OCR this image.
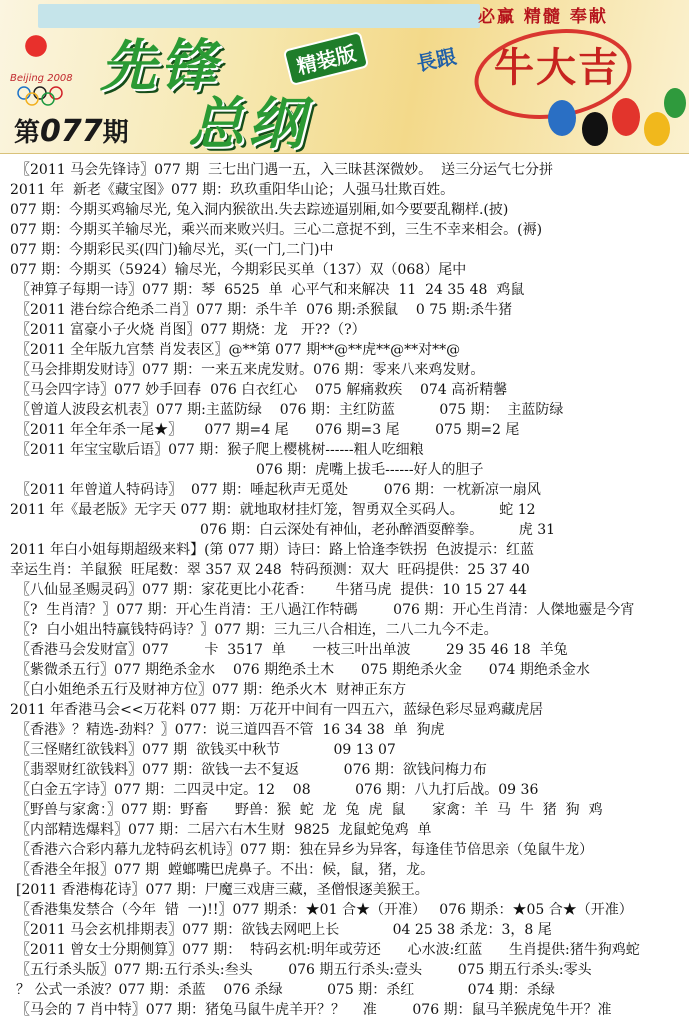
必赢 精髓 奉献
Beijing 2008 先锋
总纲
精装版	長跟 牛大吉
第077期
〖2011 马会先锋诗〗077 期  三七出门遇一五，入三昧甚深微妙。  送三分运气七分拼
2011 年  新老《藏宝图》077 期：玖玖重阳华山论；人强马壮欺百姓。
077 期：今期买鸡输尽光, 兔入洞内猴欲出.失去踪迹逼别厢,如今要要乱糊样.(披)
077 期：今期买羊输尽光，乘兴而来败兴归。三心二意捉不到，三生不幸来相会。(褥)
077 期：今期彩民买(四门)输尽光，买(一门,二门)中
077 期：今期买（5924）输尽光，今期彩民买单（137）双（068）尾中
〖神算子每期一诗〗077 期：琴  6525  单  心平气和来解决  11  24 35 48  鸡鼠
〖2011 港台综合绝杀二肖〗077 期：杀牛羊  076 期:杀猴鼠    0 75 期:杀牛猪
〖2011 富豪小子火烧 肖图〗077 期烧：龙   开??（?）
〖2011 全年版九宫禁 肖发表区〗@**第 077 期**@**虎**@**对**@
〖马会排期发财诗〗077 期：一来五来虎发财。076 期：零来八来鸡发财。
〖马会四字诗〗077 妙手回春  076 白衣红心    075 解痛救疾    074 高祈精馨
〖曾道人波段玄机表〗077 期:主蓝防绿    076 期：主红防蓝          075 期：  主蓝防绿
〖2011 年全年杀一尾★〗     077 期=4 尾      076 期=3 尾        075 期=2 尾
〖2011 年宝宝歇后语〗077 期：猴子爬上樱桃树------粗人吃细粮
076 期：虎嘴上拔毛------好人的胆子
〖2011 年曾道人特码诗〗  077 期：唾起秋声无觅处        076 期：一枕新凉一扇风
2011 年《最老版》无字天 077 期：就地取材挂灯笼，智勇双全买码人。        蛇 12
076 期：白云深处有神仙，老孙醉酒耍醉拳。        虎 31
2011 年白小姐每期超级来料】(第 077 期）诗曰：路上恰逢李铁拐  色波提示：红蓝
幸运生肖：羊鼠猴  旺尾数：翠 357 双 248  特码预测：双大  旺码提供：25 37 40
〖八仙显圣赐灵码〗077 期：家花更比小花香：     牛猪马虎  提供：10 15 27 44
〖?  生肖清？〗077 期：开心生肖清：王八過江作特碼        076 期：开心生肖清：人傑地靈是今宵
〖?  白小姐出特赢钱特码诗？〗077 期：三九三八合相连，二八二九今不走。
〖香港马会发财富〗077        卡  3517  单      一枝三叶出单波        29 35 46 18  羊兔
〖紫微杀五行〗077 期绝杀金水    076 期绝杀土木      075 期绝杀火金      074 期绝杀金水
〖白小姐绝杀五行及财神方位〗077 期：绝杀火木  财神正东方
2011 年香港马会<<万花料 077 期：万花开中间有一四五六，蓝绿色彩尽显鸡藏虎居
〖香港》？精选-劲料？〗077：说三道四吾不管  16 34 38  单  狗虎
〖三怪赌红欲钱料〗077 期  欲钱买中秋节            09 13 07
〖翡翠财红欲钱料〗077 期：欲钱一去不复返          076 期：欲钱问梅力布
〖白金五字诗〗077 期：二四灵中定。12    08          076 期：八九打后战。09 36
〖野兽与家禽：〗077 期：野畜      野兽：猴  蛇  龙  兔  虎  鼠      家禽：羊  马  牛  猪  狗  鸡
〖内部精选爆料〗077 期：二居六右木生财  9825  龙鼠蛇兔鸡  单
〖香港六合彩内幕九龙特码玄机诗〗077 期：独在异乡为异客，每逢佳节倍思亲（兔鼠牛龙）
〖香港全年报〗077 期  螳螂嘴巴虎鼻子。不出：候，鼠，猪，龙。
[2011 香港梅花诗〗077 期：尸魔三戏唐三藏，圣僧恨逐美猴王。
〖香港集发禁合（今年  错  一)!!〗077 期杀：★01 合★（开准）   076 期杀：★05 合★（开准）
〖2011 马会玄机排期表〗077 期：欲钱去网吧上长            04 25 38 杀龙：3，8 尾
〖2011 曾女士分期侧算〗077 期：  特码玄机:明年或劳还      心水波:红蓝      生肖提供:猪牛狗鸡蛇
〖五行杀头版〗077 期:五行杀头:叁头        076 期五行杀头:壹头        075 期五行杀头:零头
？ 公式一杀波？077 期：杀蓝    076 杀绿          075 期：杀红            074 期：杀绿
〖马会的 7 肖中特〗077 期：猪兔马鼠牛虎羊开？？    准        076 期：鼠马羊猴虎兔牛开？准
